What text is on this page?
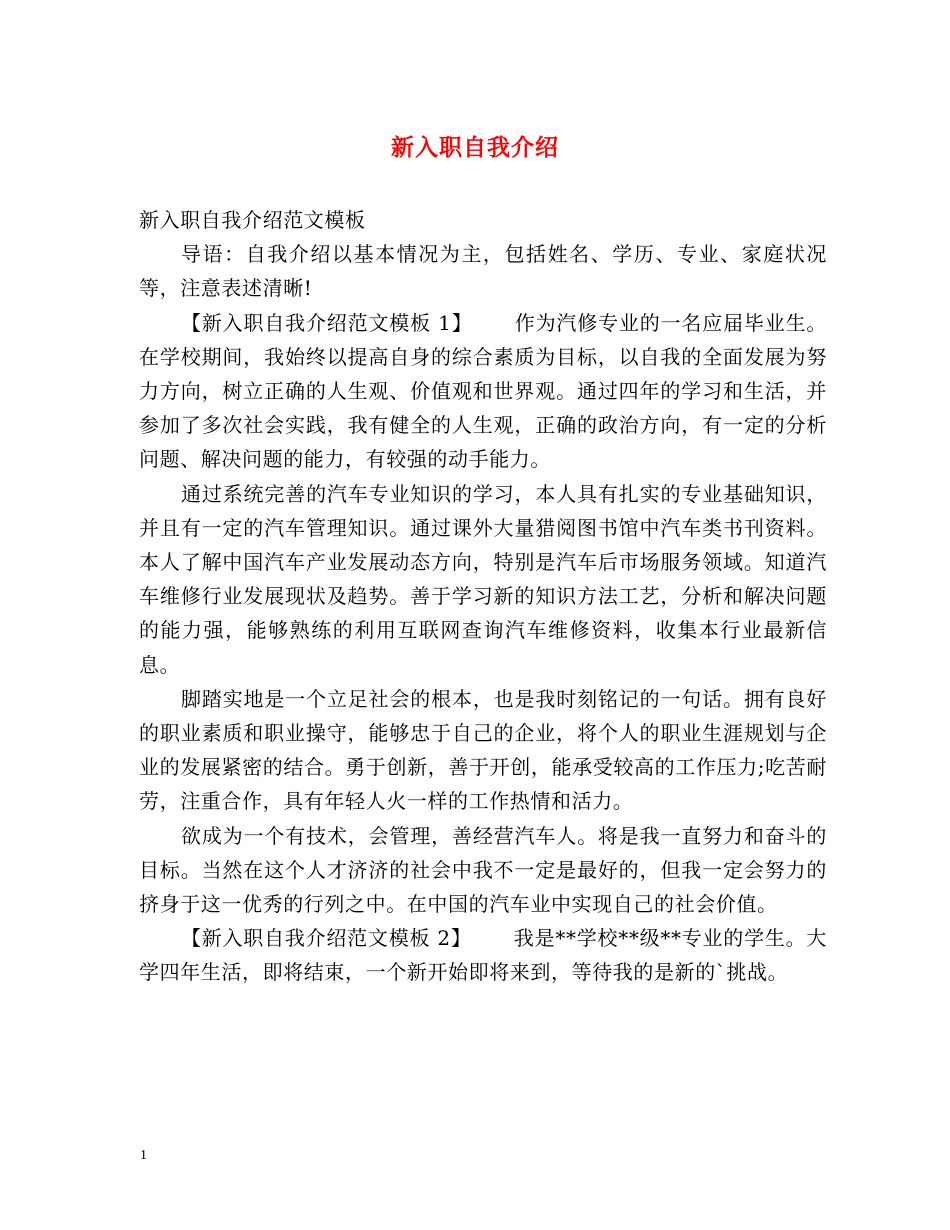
新入职自我介绍

新入职自我介绍范文模板

导语：自我介绍以基本情况为主，包括姓名、学历、专业、家庭状况等，注意表述清晰!

【新入职自我介绍范文模板 1】 作为汽修专业的一名应届毕业生。在学校期间，我始终以提高自身的综合素质为目标，以自我的全面发展为努力方向，树立正确的人生观、价值观和世界观。通过四年的学习和生活，并参加了多次社会实践，我有健全的人生观，正确的政治方向，有一定的分析问题、解决问题的能力，有较强的动手能力。

通过系统完善的汽车专业知识的学习，本人具有扎实的专业基础知识，并且有一定的汽车管理知识。通过课外大量猎阅图书馆中汽车类书刊资料。本人了解中国汽车产业发展动态方向，特别是汽车后市场服务领域。知道汽车维修行业发展现状及趋势。善于学习新的知识方法工艺，分析和解决问题的能力强，能够熟练的利用互联网查询汽车维修资料，收集本行业最新信息。

脚踏实地是一个立足社会的根本，也是我时刻铭记的一句话。拥有良好的职业素质和职业操守，能够忠于自己的企业，将个人的职业生涯规划与企业的发展紧密的结合。勇于创新，善于开创，能承受较高的工作压力;吃苦耐劳，注重合作，具有年轻人火一样的工作热情和活力。

欲成为一个有技术，会管理，善经营汽车人。将是我一直努力和奋斗的目标。当然在这个人才济济的社会中我不一定是最好的，但我一定会努力的挤身于这一优秀的行列之中。在中国的汽车业中实现自己的社会价值。

【新入职自我介绍范文模板 2】 我是**学校**级**专业的学生。大学四年生活，即将结束，一个新开始即将来到，等待我的是新的`挑战。

1
